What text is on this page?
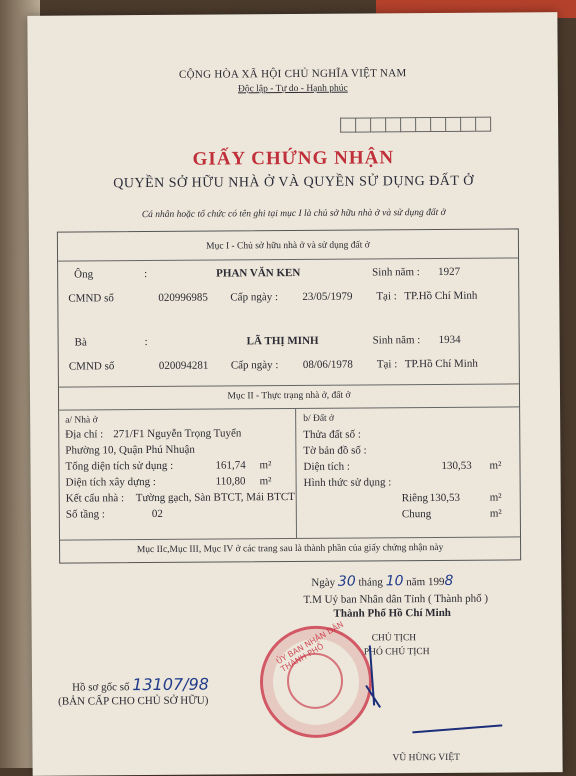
CỘNG HÒA XÃ HỘI CHỦ NGHĨA VIỆT NAM
Độc lập - Tự do - Hạnh phúc
GIẤY CHỨNG NHẬN
QUYỀN SỞ HỮU NHÀ Ở VÀ QUYỀN SỬ DỤNG ĐẤT Ở
Cá nhân hoặc tổ chức có tên ghi tại mục I là chủ sở hữu nhà ở và sử dụng đất ở
Mục I - Chủ sở hữu nhà ở và sử dụng đất ở
Ông	:	PHAN VĂN KEN	Sinh năm : 1927
CMND số	020996985 Cấp ngày : 23/05/1979 Tại : TP.Hồ Chí Minh
Bà	:	LÃ THỊ MINH	Sinh năm : 1934
CMND số	020094281 Cấp ngày : 08/06/1978 Tại : TP.Hồ Chí Minh
Mục II - Thực trạng nhà ở, đất ở
a/ Nhà ở
Địa chỉ : 271/F1 Nguyễn Trọng Tuyển
Phường 10, Quận Phú Nhuận
Tổng diện tích sử dụng :	161,74 m²
Diện tích xây dựng :	110,80 m²
Kết cấu nhà : Tường gạch, Sàn BTCT, Mái BTCT
Số tầng :	02
b/ Đất ở
Thửa đất số :
Tờ bản đồ số :
Diện tích :	130,53 m²
Hình thức sử dụng :
Riêng 130,53	m²
Chung	m²
Mục IIc,Mục III, Mục IV ở các trang sau là thành phần của giấy chứng nhận này
Ngày 30 tháng 10 năm 1998
T.M Uỷ ban Nhân dân Tỉnh ( Thành phố )
Thành Phố Hồ Chí Minh
CHỦ TỊCH
PHÓ CHỦ TỊCH
ỦY BAN NHÂN DÂN THÀNH PHỐ
Hồ sơ gốc số 13107/98
(BẢN CẤP CHO CHỦ SỞ HỮU)
VŨ HÙNG VIỆT
